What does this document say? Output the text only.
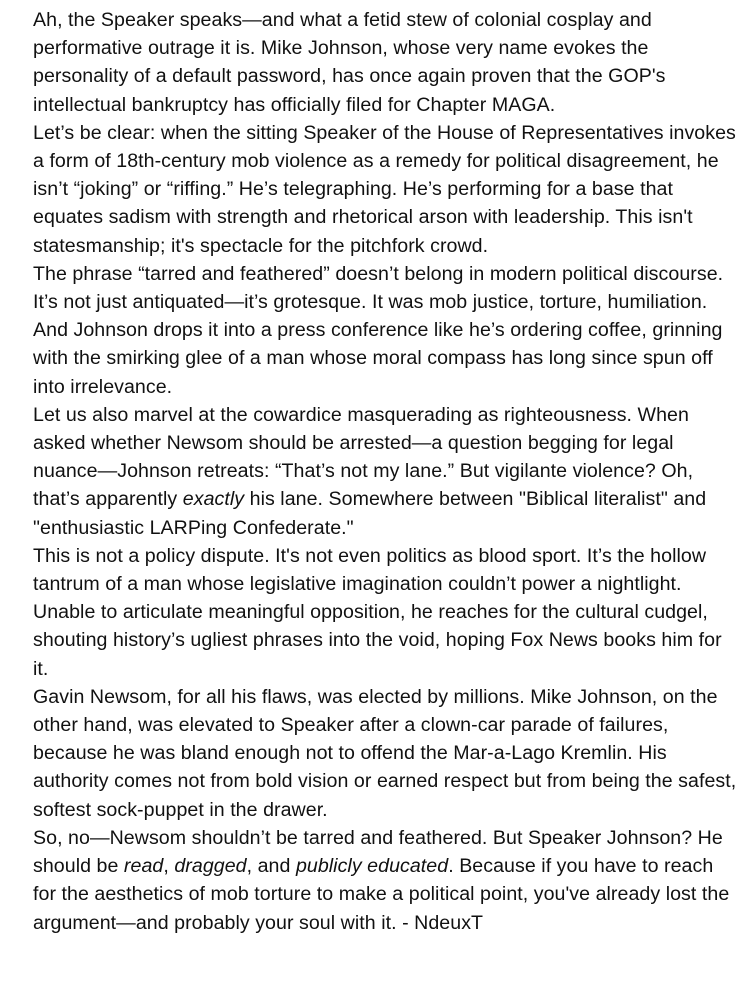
Ah, the Speaker speaks—and what a fetid stew of colonial cosplay and performative outrage it is. Mike Johnson, whose very name evokes the personality of a default password, has once again proven that the GOP's intellectual bankruptcy has officially filed for Chapter MAGA.

Let’s be clear: when the sitting Speaker of the House of Representatives invokes a form of 18th-century mob violence as a remedy for political disagreement, he isn’t “joking” or “riffing.” He’s telegraphing. He’s performing for a base that equates sadism with strength and rhetorical arson with leadership. This isn't statesmanship; it's spectacle for the pitchfork crowd.

The phrase “tarred and feathered” doesn’t belong in modern political discourse. It’s not just antiquated—it’s grotesque. It was mob justice, torture, humiliation. And Johnson drops it into a press conference like he’s ordering coffee, grinning with the smirking glee of a man whose moral compass has long since spun off into irrelevance.

Let us also marvel at the cowardice masquerading as righteousness. When asked whether Newsom should be arrested—a question begging for legal nuance—Johnson retreats: “That’s not my lane.” But vigilante violence? Oh, that’s apparently exactly his lane. Somewhere between "Biblical literalist" and "enthusiastic LARPing Confederate."

This is not a policy dispute. It's not even politics as blood sport. It’s the hollow tantrum of a man whose legislative imagination couldn’t power a nightlight. Unable to articulate meaningful opposition, he reaches for the cultural cudgel, shouting history’s ugliest phrases into the void, hoping Fox News books him for it.

Gavin Newsom, for all his flaws, was elected by millions. Mike Johnson, on the other hand, was elevated to Speaker after a clown-car parade of failures, because he was bland enough not to offend the Mar-a-Lago Kremlin. His authority comes not from bold vision or earned respect but from being the safest, softest sock-puppet in the drawer.

So, no—Newsom shouldn’t be tarred and feathered. But Speaker Johnson? He should be read, dragged, and publicly educated. Because if you have to reach for the aesthetics of mob torture to make a political point, you've already lost the argument—and probably your soul with it. - NdeuxT
